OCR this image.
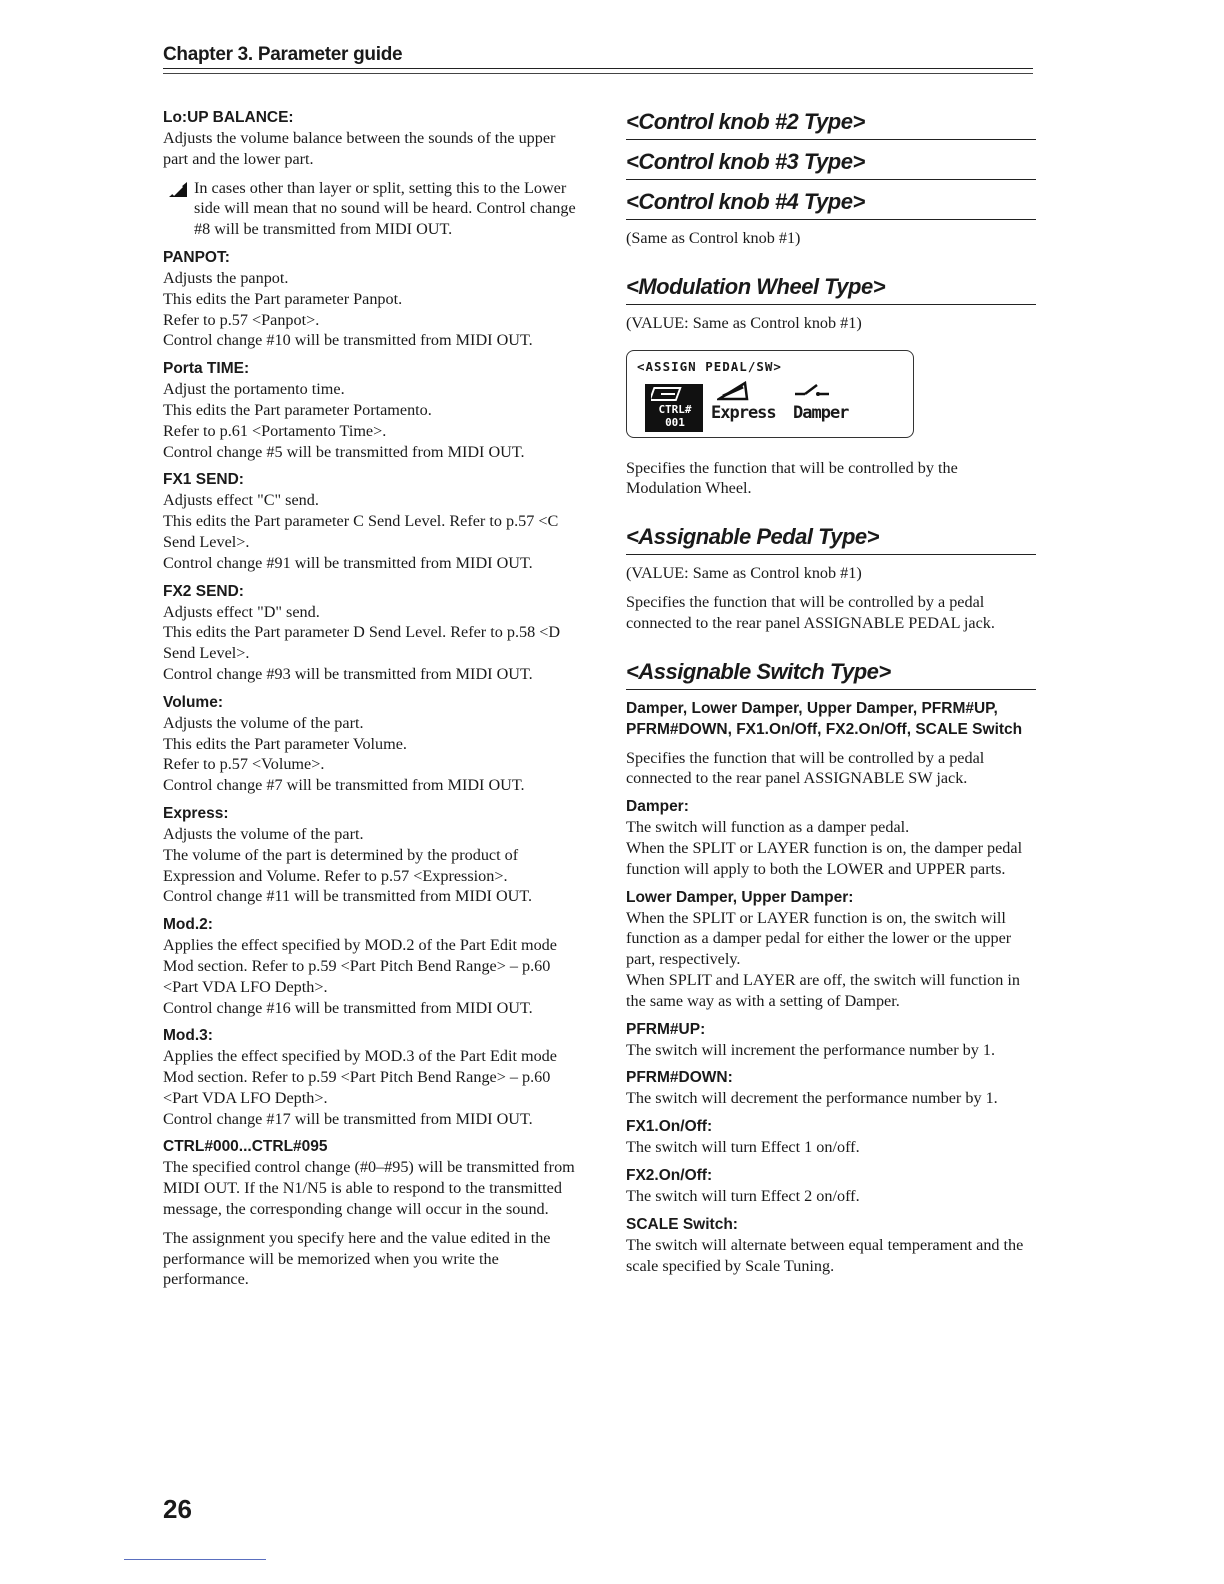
Chapter 3. Parameter guide
Lo:UP BALANCE:

Adjusts the volume balance between the sounds of the upper part and the lower part.

In cases other than layer or split, setting this to the Lower side will mean that no sound will be heard. Control change #8 will be transmitted from MIDI OUT.
PANPOT:

Adjusts the panpot.

This edits the Part parameter Panpot.

Refer to p.57 <Panpot>.

Control change #10 will be transmitted from MIDI OUT.

Porta TIME:

Adjust the portamento time.

This edits the Part parameter Portamento.

Refer to p.61 <Portamento Time>.

Control change #5 will be transmitted from MIDI OUT.

FX1 SEND:

Adjusts effect "C" send.

This edits the Part parameter C Send Level. Refer to p.57 <C Send Level>.

Control change #91 will be transmitted from MIDI OUT.

FX2 SEND:

Adjusts effect "D" send.

This edits the Part parameter D Send Level. Refer to p.58 <D Send Level>.

Control change #93 will be transmitted from MIDI OUT.

Volume:

Adjusts the volume of the part.

This edits the Part parameter Volume.

Refer to p.57 <Volume>.

Control change #7 will be transmitted from MIDI OUT.

Express:

Adjusts the volume of the part.

The volume of the part is determined by the product of Expression and Volume. Refer to p.57 <Expression>.

Control change #11 will be transmitted from MIDI OUT.

Mod.2:

Applies the effect specified by MOD.2 of the Part Edit mode Mod section. Refer to p.59 <Part Pitch Bend Range> – p.60 <Part VDA LFO Depth>.

Control change #16 will be transmitted from MIDI OUT.

Mod.3:

Applies the effect specified by MOD.3 of the Part Edit mode Mod section. Refer to p.59 <Part Pitch Bend Range> – p.60 <Part VDA LFO Depth>.

Control change #17 will be transmitted from MIDI OUT.

CTRL#000...CTRL#095

The specified control change (#0–#95) will be transmitted from MIDI OUT. If the N1/N5 is able to respond to the transmitted message, the corresponding change will occur in the sound.

The assignment you specify here and the value edited in the performance will be memorized when you write the performance.

<Control knob #2 Type>
<Control knob #3 Type>
<Control knob #4 Type>

(Same as Control knob #1)

<Modulation Wheel Type>

(VALUE: Same as Control knob #1)

<ASSIGN PEDAL/SW>
CTRL#
001	Express Damper

Specifies the function that will be controlled by the Modulation Wheel.

<Assignable Pedal Type>

(VALUE: Same as Control knob #1)

Specifies the function that will be controlled by a pedal connected to the rear panel ASSIGNABLE PEDAL jack.

<Assignable Switch Type>
Damper, Lower Damper, Upper Damper, PFRM#UP, PFRM#DOWN, FX1.On/Off, FX2.On/Off, SCALE Switch

Specifies the function that will be controlled by a pedal connected to the rear panel ASSIGNABLE SW jack.

Damper:

The switch will function as a damper pedal.

When the SPLIT or LAYER function is on, the damper pedal function will apply to both the LOWER and UPPER parts.

Lower Damper, Upper Damper:

When the SPLIT or LAYER function is on, the switch will function as a damper pedal for either the lower or the upper part, respectively.

When SPLIT and LAYER are off, the switch will function in the same way as with a setting of Damper.

PFRM#UP:

The switch will increment the performance number by 1.

PFRM#DOWN:

The switch will decrement the performance number by 1.

FX1.On/Off:

The switch will turn Effect 1 on/off.

FX2.On/Off:

The switch will turn Effect 2 on/off.

SCALE Switch:

The switch will alternate between equal temperament and the scale specified by Scale Tuning.

26
